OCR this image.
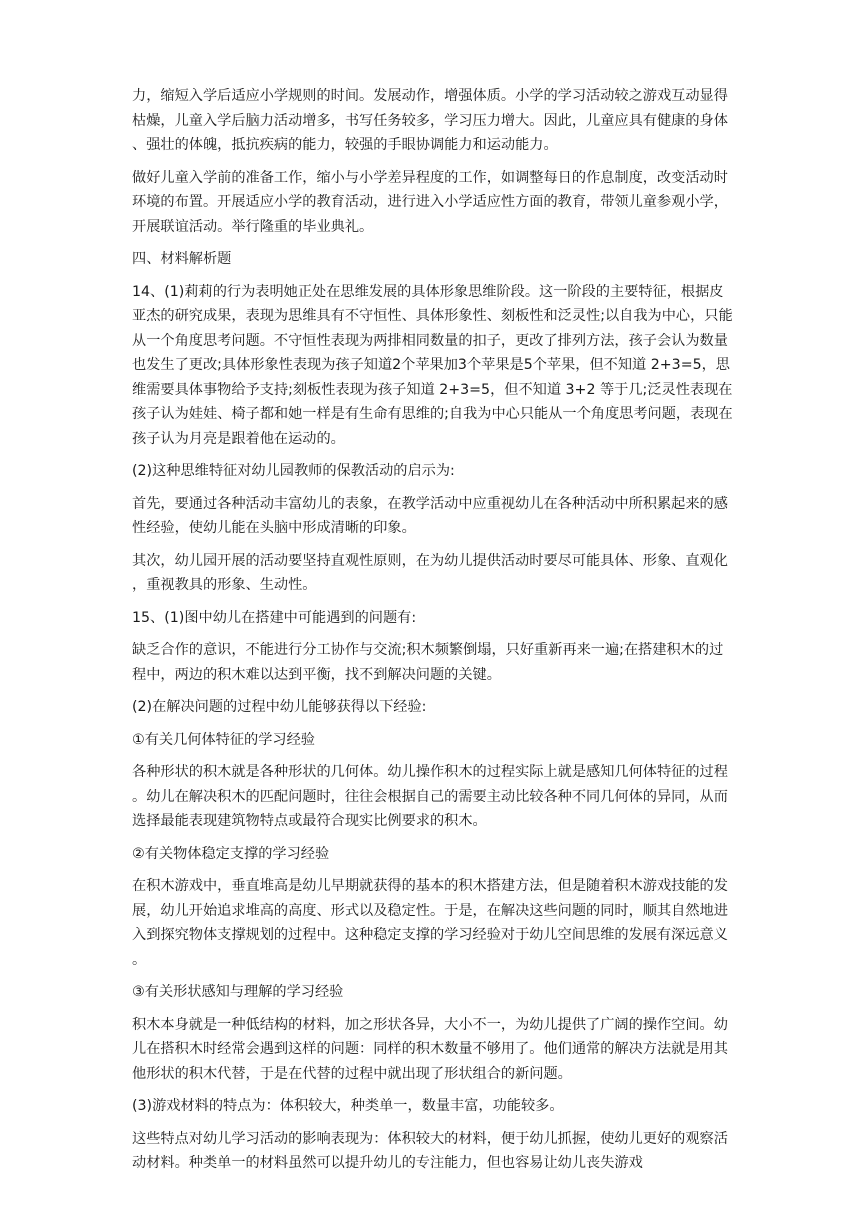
力，缩短入学后适应小学规则的时间。发展动作，增强体质。小学的学习活动较之游戏互动显得枯燥，儿童入学后脑力活动增多，书写任务较多，学习压力增大。因此，儿童应具有健康的身体、强壮的体魄，抵抗疾病的能力，较强的手眼协调能力和运动能力。

做好儿童入学前的准备工作，缩小与小学差异程度的工作，如调整每日的作息制度，改变活动时环境的布置。开展适应小学的教育活动，进行进入小学适应性方面的教育，带领儿童参观小学，开展联谊活动。举行隆重的毕业典礼。

四、材料解析题

14、(1)莉莉的行为表明她正处在思维发展的具体形象思维阶段。这一阶段的主要特征，根据皮亚杰的研究成果，表现为思维具有不守恒性、具体形象性、刻板性和泛灵性;以自我为中心，只能从一个角度思考问题。不守恒性表现为两排相同数量的扣子，更改了排列方法，孩子会认为数量也发生了更改;具体形象性表现为孩子知道2个苹果加3个苹果是5个苹果，但不知道 2+3=5，思维需要具体事物给予支持;刻板性表现为孩子知道 2+3=5，但不知道 3+2 等于几;泛灵性表现在孩子认为娃娃、椅子都和她一样是有生命有思维的;自我为中心只能从一个角度思考问题，表现在孩子认为月亮是跟着他在运动的。

(2)这种思维特征对幼儿园教师的保教活动的启示为:

首先，要通过各种活动丰富幼儿的表象，在教学活动中应重视幼儿在各种活动中所积累起来的感性经验，使幼儿能在头脑中形成清晰的印象。

其次，幼儿园开展的活动要坚持直观性原则，在为幼儿提供活动时要尽可能具体、形象、直观化，重视教具的形象、生动性。

15、(1)图中幼儿在搭建中可能遇到的问题有:

缺乏合作的意识，不能进行分工协作与交流;积木频繁倒塌，只好重新再来一遍;在搭建积木的过程中，两边的积木难以达到平衡，找不到解决问题的关键。

(2)在解决问题的过程中幼儿能够获得以下经验:

①有关几何体特征的学习经验

各种形状的积木就是各种形状的几何体。幼儿操作积木的过程实际上就是感知几何体特征的过程。幼儿在解决积木的匹配问题时，往往会根据自己的需要主动比较各种不同几何体的异同，从而选择最能表现建筑物特点或最符合现实比例要求的积木。

②有关物体稳定支撑的学习经验

在积木游戏中，垂直堆高是幼儿早期就获得的基本的积木搭建方法，但是随着积木游戏技能的发展，幼儿开始追求堆高的高度、形式以及稳定性。于是，在解决这些问题的同时，顺其自然地进入到探究物体支撑规划的过程中。这种稳定支撑的学习经验对于幼儿空间思维的发展有深远意义。

③有关形状感知与理解的学习经验

积木本身就是一种低结构的材料，加之形状各异，大小不一，为幼儿提供了广阔的操作空间。幼儿在搭积木时经常会遇到这样的问题：同样的积木数量不够用了。他们通常的解决方法就是用其他形状的积木代替，于是在代替的过程中就出现了形状组合的新问题。

(3)游戏材料的特点为：体积较大，种类单一，数量丰富，功能较多。

这些特点对幼儿学习活动的影响表现为：体积较大的材料，便于幼儿抓握，使幼儿更好的观察活动材料。种类单一的材料虽然可以提升幼儿的专注能力，但也容易让幼儿丧失游戏
